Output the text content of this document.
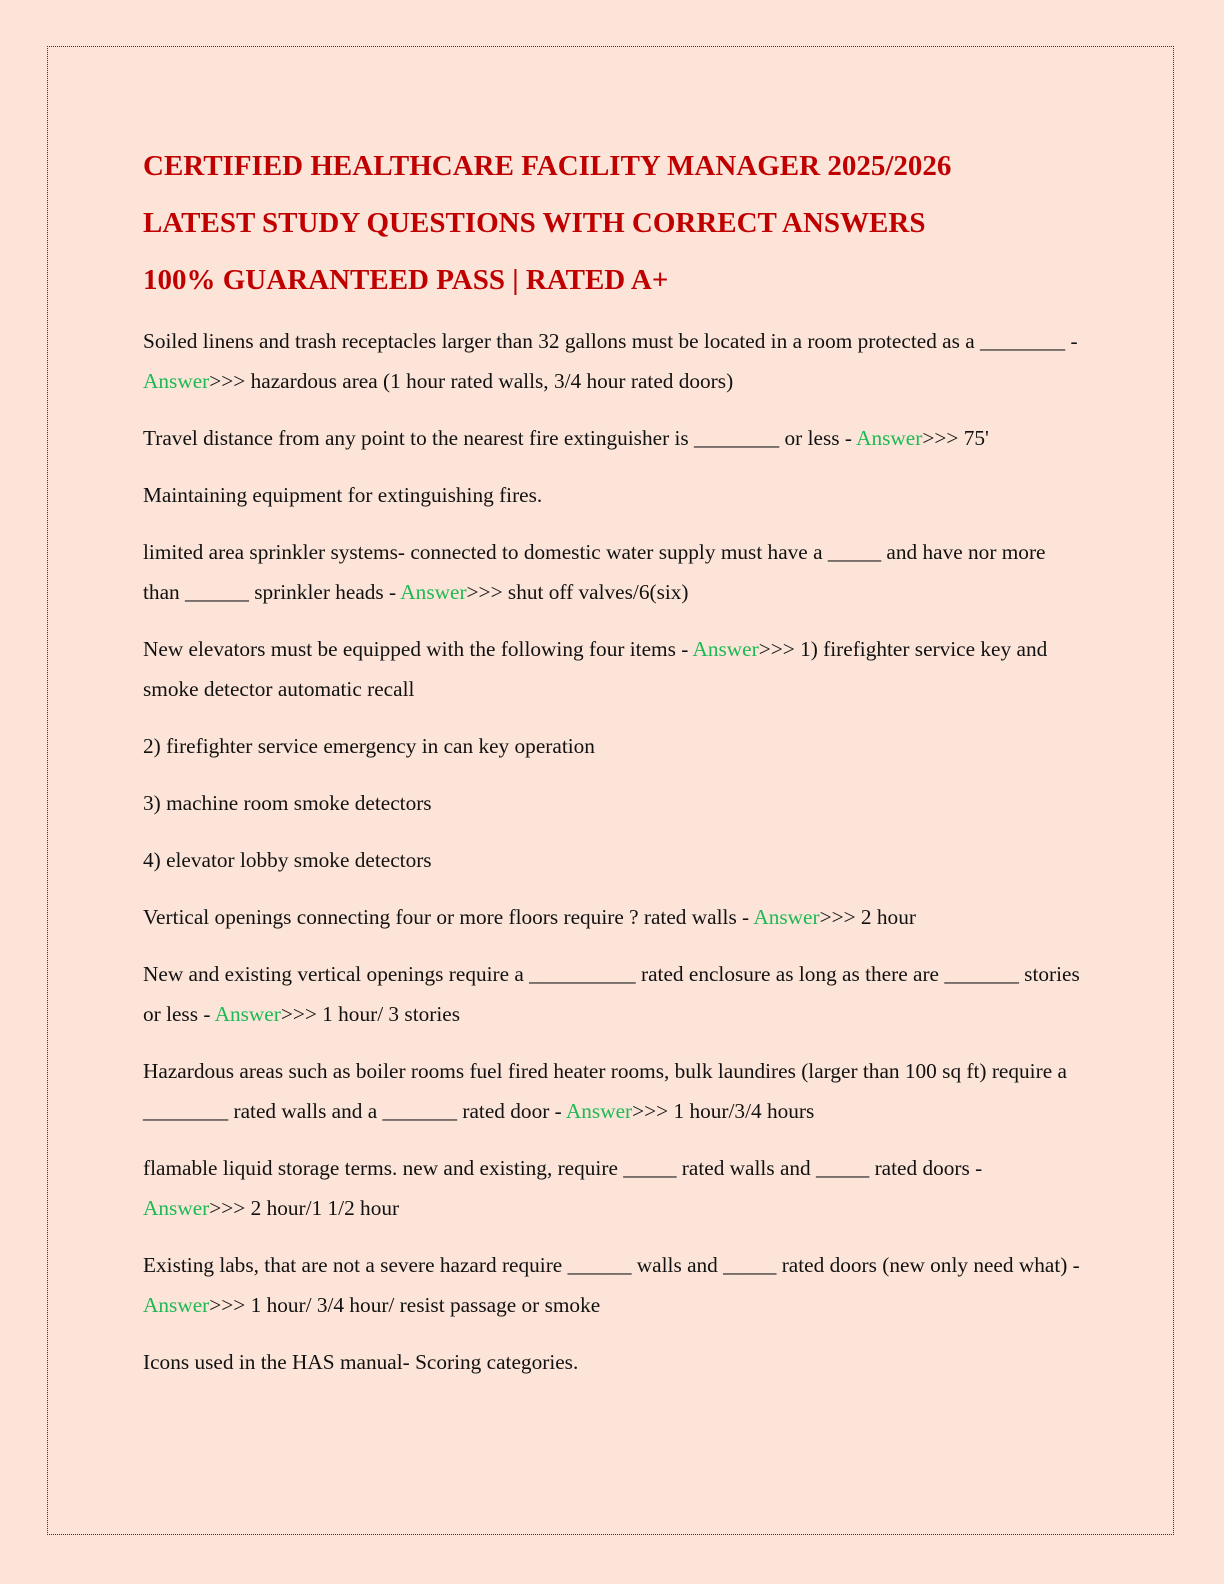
CERTIFIED HEALTHCARE FACILITY MANAGER 2025/2026
LATEST STUDY QUESTIONS WITH CORRECT ANSWERS
100% GUARANTEED PASS | RATED A+

Soiled linens and trash receptacles larger than 32 gallons must be located in a room protected as a ________ - Answer>>> hazardous area (1 hour rated walls, 3/4 hour rated doors)

Travel distance from any point to the nearest fire extinguisher is ________ or less - Answer>>> 75'

Maintaining equipment for extinguishing fires.

limited area sprinkler systems- connected to domestic water supply must have a _____ and have nor more than ______ sprinkler heads - Answer>>> shut off valves/6(six)

New elevators must be equipped with the following four items - Answer>>> 1) firefighter service key and smoke detector automatic recall

2) firefighter service emergency in can key operation

3) machine room smoke detectors

4) elevator lobby smoke detectors

Vertical openings connecting four or more floors require ? rated walls - Answer>>> 2 hour

New and existing vertical openings require a __________ rated enclosure as long as there are _______ stories or less - Answer>>> 1 hour/ 3 stories

Hazardous areas such as boiler rooms fuel fired heater rooms, bulk laundires (larger than 100 sq ft) require a ________ rated walls and a _______ rated door - Answer>>> 1 hour/3/4 hours

flamable liquid storage terms. new and existing, require _____ rated walls and _____ rated doors - Answer>>> 2 hour/1 1/2 hour

Existing labs, that are not a severe hazard require ______ walls and _____ rated doors (new only need what) - Answer>>> 1 hour/ 3/4 hour/ resist passage or smoke

Icons used in the HAS manual- Scoring categories.
